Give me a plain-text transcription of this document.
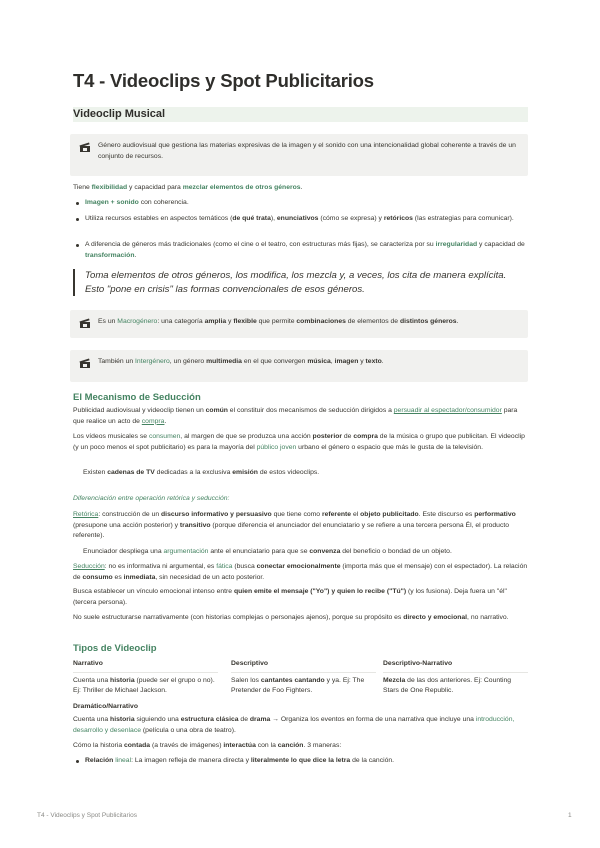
T4 - Videoclips y Spot Publicitarios
Videoclip Musical
Género audiovisual que gestiona las materias expresivas de la imagen y el sonido con una intencionalidad global coherente a través de un conjunto de recursos.
Tiene flexibilidad y capacidad para mezclar elementos de otros géneros.
Imagen + sonido con coherencia.
Utiliza recursos estables en aspectos temáticos (de qué trata), enunciativos (cómo se expresa) y retóricos (las estrategias para comunicar).
A diferencia de géneros más tradicionales (como el cine o el teatro, con estructuras más fijas), se caracteriza por su irregularidad y capacidad de transformación.
Toma elementos de otros géneros, los modifica, los mezcla y, a veces, los cita de manera explícita. Esto "pone en crisis" las formas convencionales de esos géneros.
Es un Macrogénero: una categoría amplia y flexible que permite combinaciones de elementos de distintos géneros.
También un Intergénero, un género multimedia en el que convergen música, imagen y texto.
El Mecanismo de Seducción
Publicidad audiovisual y videoclip tienen un común el constituir dos mecanismos de seducción dirigidos a persuadir al espectador/consumidor para que realice un acto de compra.
Los vídeos musicales se consumen, al margen de que se produzca una acción posterior de compra de la música o grupo que publicitan. El videoclip (y un poco menos el spot publicitario) es para la mayoría del público joven urbano el género o espacio que más le gusta de la televisión.
Existen cadenas de TV dedicadas a la exclusiva emisión de estos videoclips.
Diferenciación entre operación retórica y seducción:
Retórica: construcción de un discurso informativo y persuasivo que tiene como referente el objeto publicitado. Este discurso es performativo (presupone una acción posterior) y transitivo (porque diferencia el anunciador del enunciatario y se refiere a una tercera persona Él, el producto referente).
Enunciador despliega una argumentación ante el enunciatario para que se convenza del beneficio o bondad de un objeto.
Seducción: no es informativa ni argumental, es fática (busca conectar emocionalmente (importa más que el mensaje) con el espectador). La relación de consumo es inmediata, sin necesidad de un acto posterior.
Busca establecer un vínculo emocional intenso entre quien emite el mensaje ("Yo") y quien lo recibe ("Tú") (y los fusiona). Deja fuera un "él" (tercera persona).
No suele estructurarse narrativamente (con historias complejas o personajes ajenos), porque su propósito es directo y emocional, no narrativo.
Tipos de Videoclip
Narrativo
Cuenta una historia (puede ser el grupo o no). Ej: Thriller de Michael Jackson.
Descriptivo
Salen los cantantes cantando y ya. Ej: The Pretender de Foo Fighters.
Descriptivo-Narrativo
Mezcla de las dos anteriores. Ej: Counting Stars de One Republic.
Dramático/Narrativo
Cuenta una historia siguiendo una estructura clásica de drama → Organiza los eventos en forma de una narrativa que incluye una introducción, desarrollo y desenlace (película o una obra de teatro).
Cómo la historia contada (a través de imágenes) interactúa con la canción. 3 maneras:
Relación lineal: La imagen refleja de manera directa y literalmente lo que dice la letra de la canción.
T4 - Videoclips y Spot Publicitarios	1
